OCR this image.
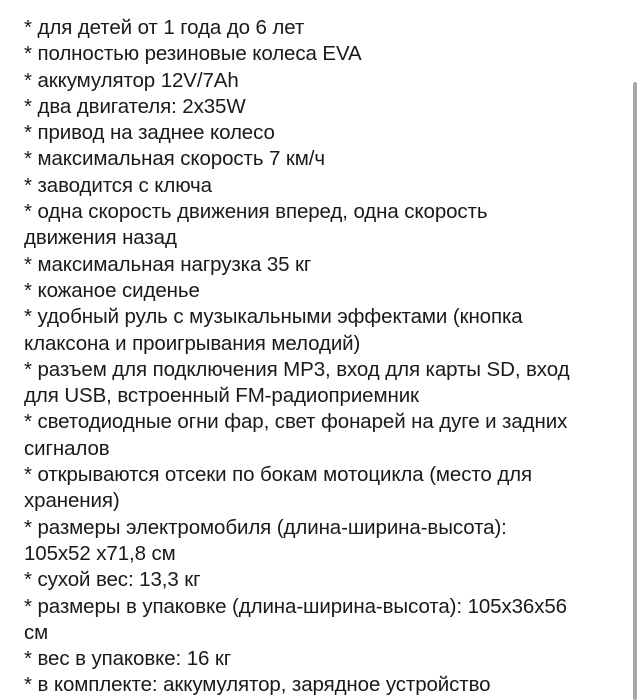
* для детей от 1 года до 6 лет
* полностью резиновые колеса EVA
* аккумулятор 12V/7Ah
* два двигателя: 2х35W
* привод на заднее колесо
* максимальная скорость 7 км/ч
* заводится с ключа
* одна скорость движения вперед, одна скорость
движения назад
* максимальная нагрузка 35 кг
* кожаное сиденье
* удобный руль с музыкальными эффектами (кнопка
клаксона и проигрывания мелодий)
* разъем для подключения MP3, вход для карты SD, вход
для USB, встроенный FM-радиоприемник
* светодиодные огни фар, свет фонарей на дуге и задних
сигналов
* открываются отсеки по бокам мотоцикла (место для
хранения)
* размеры электромобиля (длина-ширина-высота):
105х52 х71,8 см
* сухой вес: 13,3 кг
* размеры в упаковке (длина-ширина-высота): 105х36х56
см
* вес в упаковке: 16 кг
* в комплекте: аккумулятор, зарядное устройство
